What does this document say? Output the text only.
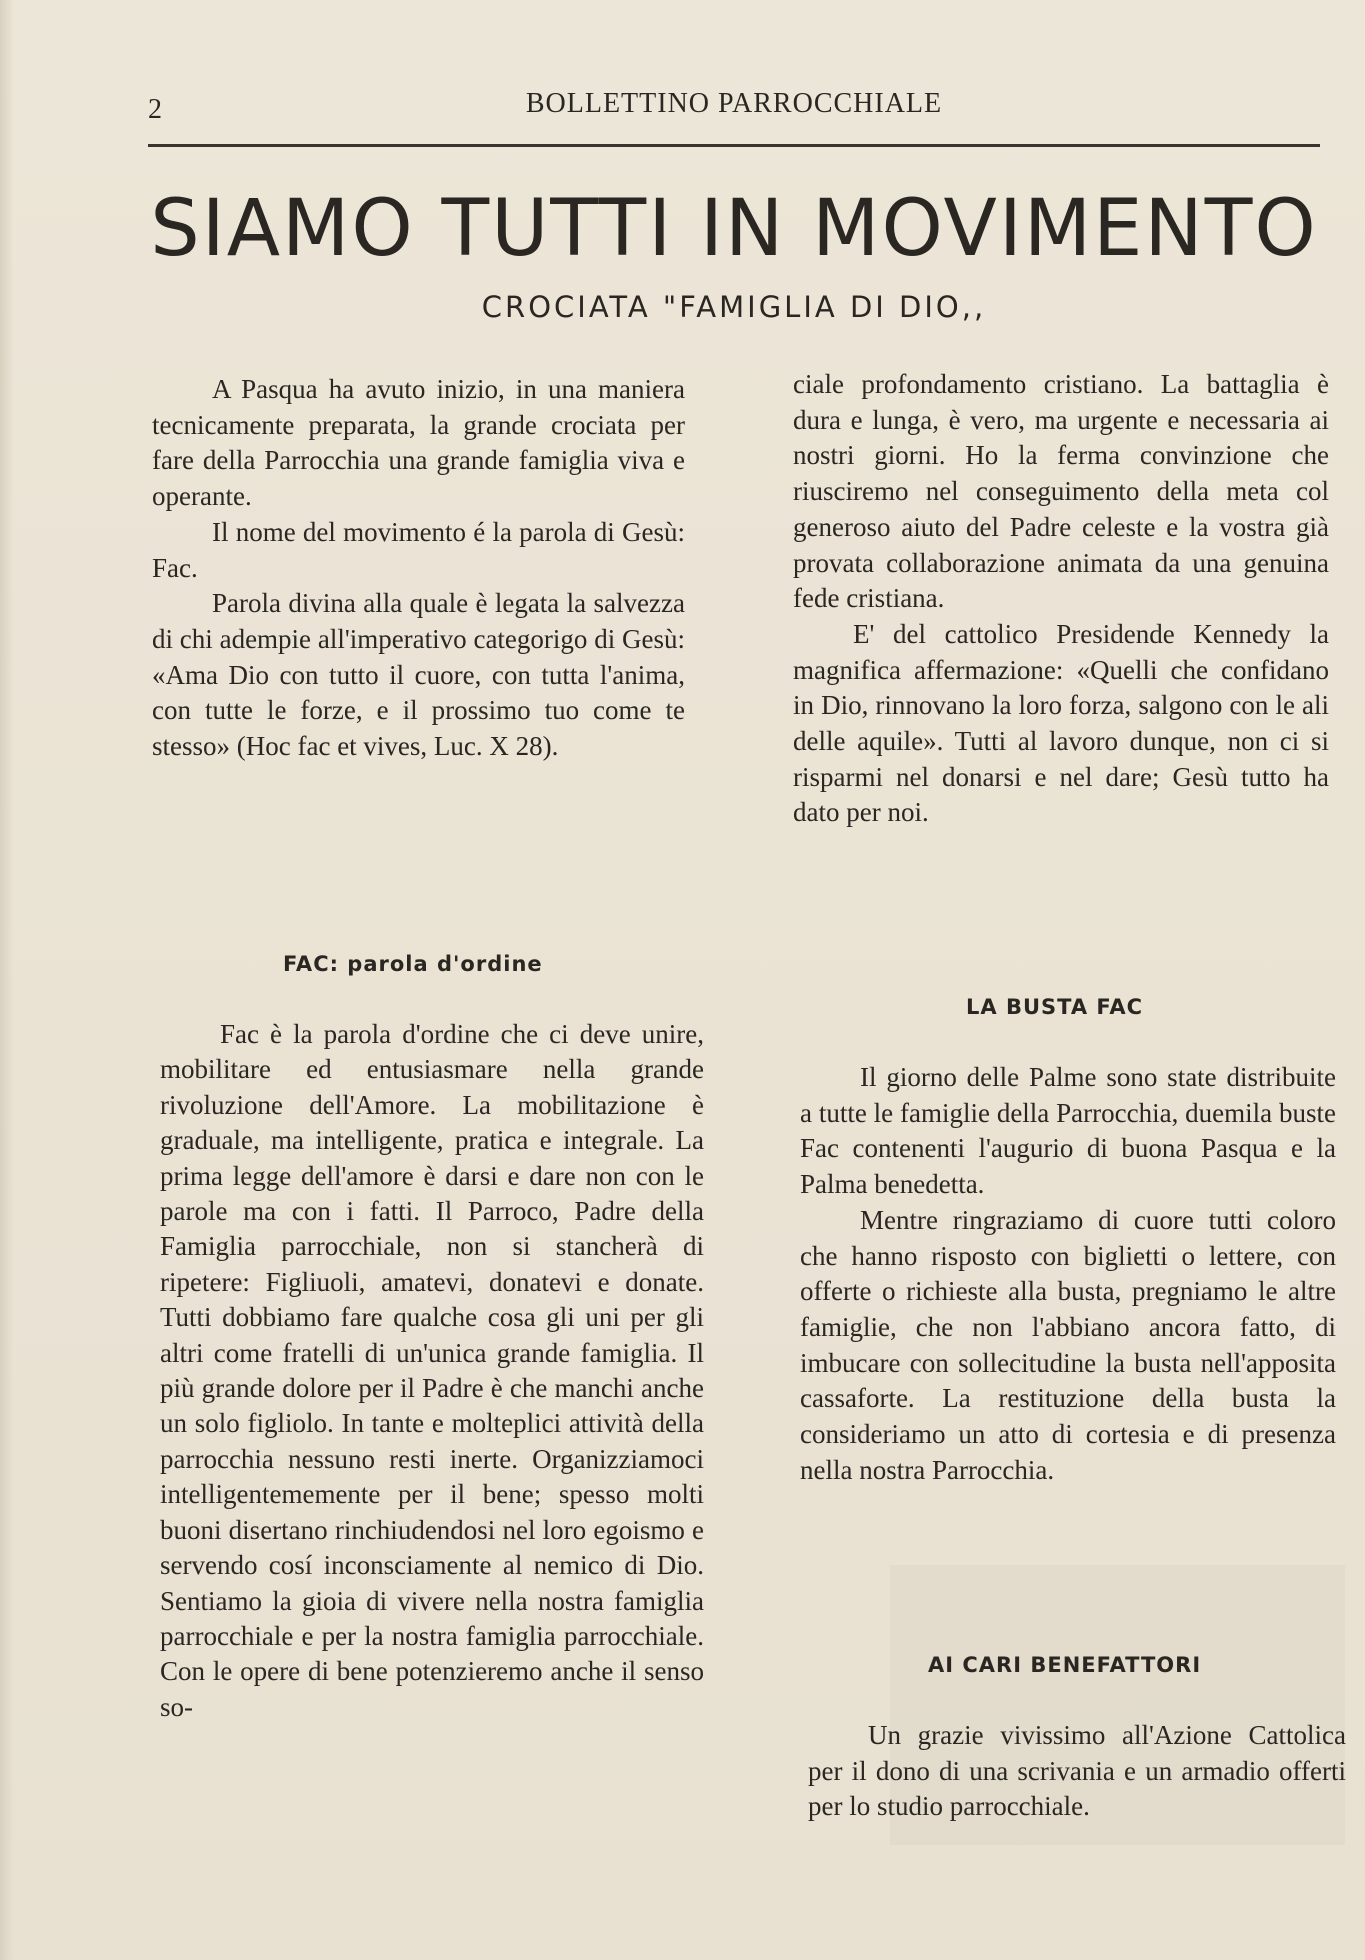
2	BOLLETTINO PARROCCHIALE
SIAMO TUTTI IN MOVIMENTO
CROCIATA "FAMIGLIA DI DIO,,

A Pasqua ha avuto inizio, in una maniera tecnicamente preparata, la grande crociata per fare della Parrocchia una grande famiglia viva e operante.

Il nome del movimento é la parola di Gesù: Fac.

Parola divina alla quale è legata la salvezza di chi adempie all'imperativo categorigo di Gesù: «Ama Dio con tutto il cuore, con tutta l'anima, con tutte le forze, e il prossimo tuo come te stesso» (Hoc fac et vives, Luc. X 28).

ciale profondamento cristiano. La battaglia è dura e lunga, è vero, ma urgente e necessaria ai nostri giorni. Ho la ferma convinzione che riusciremo nel conseguimento della meta col generoso aiuto del Padre celeste e la vostra già provata collaborazione animata da una genuina fede cristiana.

E' del cattolico Presidende Kennedy la magnifica affermazione: «Quelli che confidano in Dio, rinnovano la loro forza, salgono con le ali delle aquile». Tutti al lavoro dunque, non ci si risparmi nel donarsi e nel dare; Gesù tutto ha dato per noi.

FAC: parola d'ordine

Fac è la parola d'ordine che ci deve unire, mobilitare ed entusiasmare nella grande rivoluzione dell'Amore. La mobilitazione è graduale, ma intelligente, pratica e integrale. La prima legge dell'amore è darsi e dare non con le parole ma con i fatti. Il Parroco, Padre della Famiglia parrocchiale, non si stancherà di ripetere: Figliuoli, amatevi, donatevi e donate. Tutti dobbiamo fare qualche cosa gli uni per gli altri come fratelli di un'unica grande famiglia. Il più grande dolore per il Padre è che manchi anche un solo figliolo. In tante e molteplici attività della parrocchia nessuno resti inerte. Organizziamoci intelligentememente per il bene; spesso molti buoni disertano rinchiudendosi nel loro egoismo e servendo cosí inconsciamente al nemico di Dio. Sentiamo la gioia di vivere nella nostra famiglia parrocchiale e per la nostra famiglia parrocchiale. Con le opere di bene potenzieremo anche il senso so-

LA BUSTA FAC

Il giorno delle Palme sono state distribuite a tutte le famiglie della Parrocchia, duemila buste Fac contenenti l'augurio di buona Pasqua e la Palma benedetta.

Mentre ringraziamo di cuore tutti coloro che hanno risposto con biglietti o lettere, con offerte o richieste alla busta, pregniamo le altre famiglie, che non l'abbiano ancora fatto, di imbucare con sollecitudine la busta nell'apposita cassaforte. La restituzione della busta la consideriamo un atto di cortesia e di presenza nella nostra Parrocchia.

AI CARI BENEFATTORI

Un grazie vivissimo all'Azione Cattolica per il dono di una scrivania e un armadio offerti per lo studio parrocchiale.
